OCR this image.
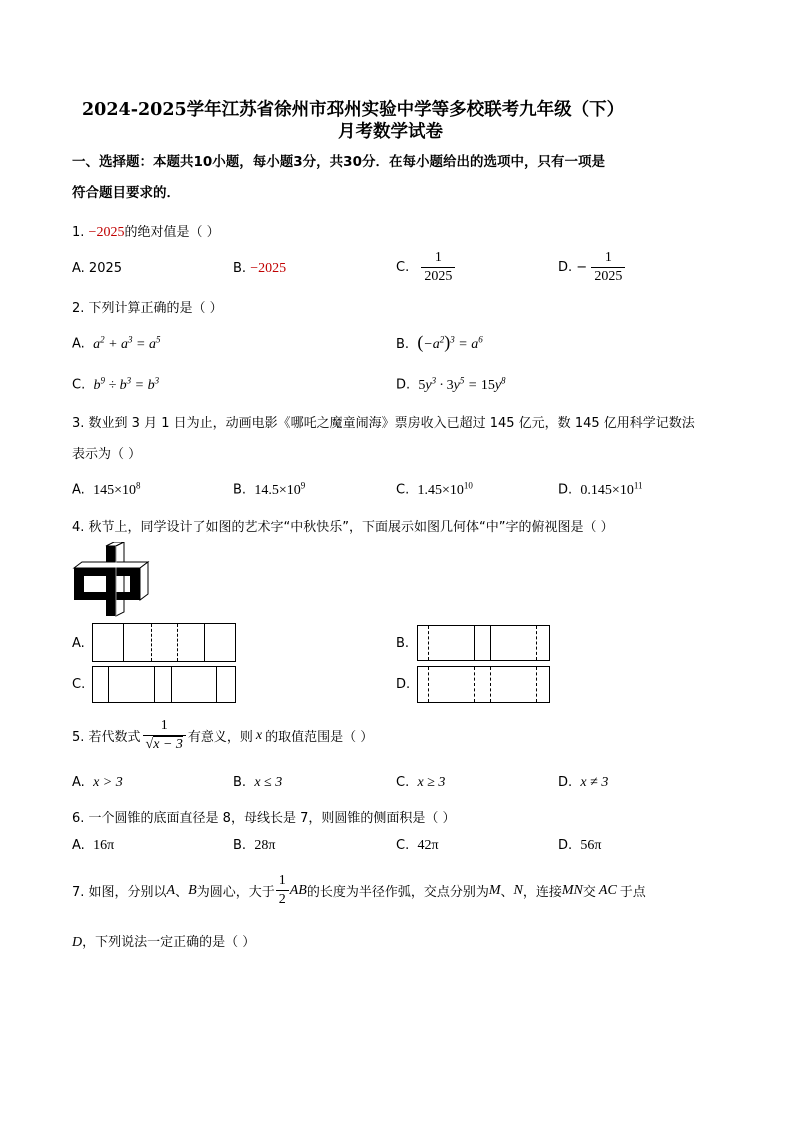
2024-2025学年江苏省徐州市邳州实验中学等多校联考九年级（下）
月考数学试卷
一、选择题：本题共10小题，每小题3分，共30分．在每小题给出的选项中，只有一项是
符合题目要求的．
1. −2025的绝对值是（ ）
A. 2025	B. −2025	C. $\frac{1}{2025}$	D. − $\frac{1}{2025}$
2. 下列计算正确的是（ ）
A. $a^2 + a^3 = a^5$	B. $(-a^2)^3 = a^6$
C. $b^9 \div b^3 = b^3$	D. $5y^3 \cdot 3y^5 = 15y^8$
3. 数业到 3 月 1 日为止，动画电影《哪吒之魔童闹海》票房收入已超过 145 亿元，数 145 亿用科学记数法
表示为（ ）
A. $145\times 10^8$	B. $14.5\times 10^9$	C. $1.45\times 10^{10}$	D. $0.145\times 10^{11}$
4. 秋节上，同学设计了如图的艺术字“中秋快乐”，下面展示如图几何体“中”字的俯视图是（ ）
A.	B.
C.	D.
5. 若代数式 $\frac{1}{√x - 3}$ 有意义，则 x 的取值范围是（ ）
A. x > 3	B. x ≤ 3	C. x ≥ 3	D. x ≠ 3
6. 一个圆锥的底面直径是 8，母线长是 7，则圆锥的侧面积是（ ）
A. 16π	B. 28π	C. 42π	D. 56π
7. 如图，分别以 A 、 B 为圆心，大于 $\frac{1}{2}$ AB 的长度为半径作弧，交点分别为 M 、 N ，连接 MN 交 AC 于点
D，下列说法一定正确的是（ ）
